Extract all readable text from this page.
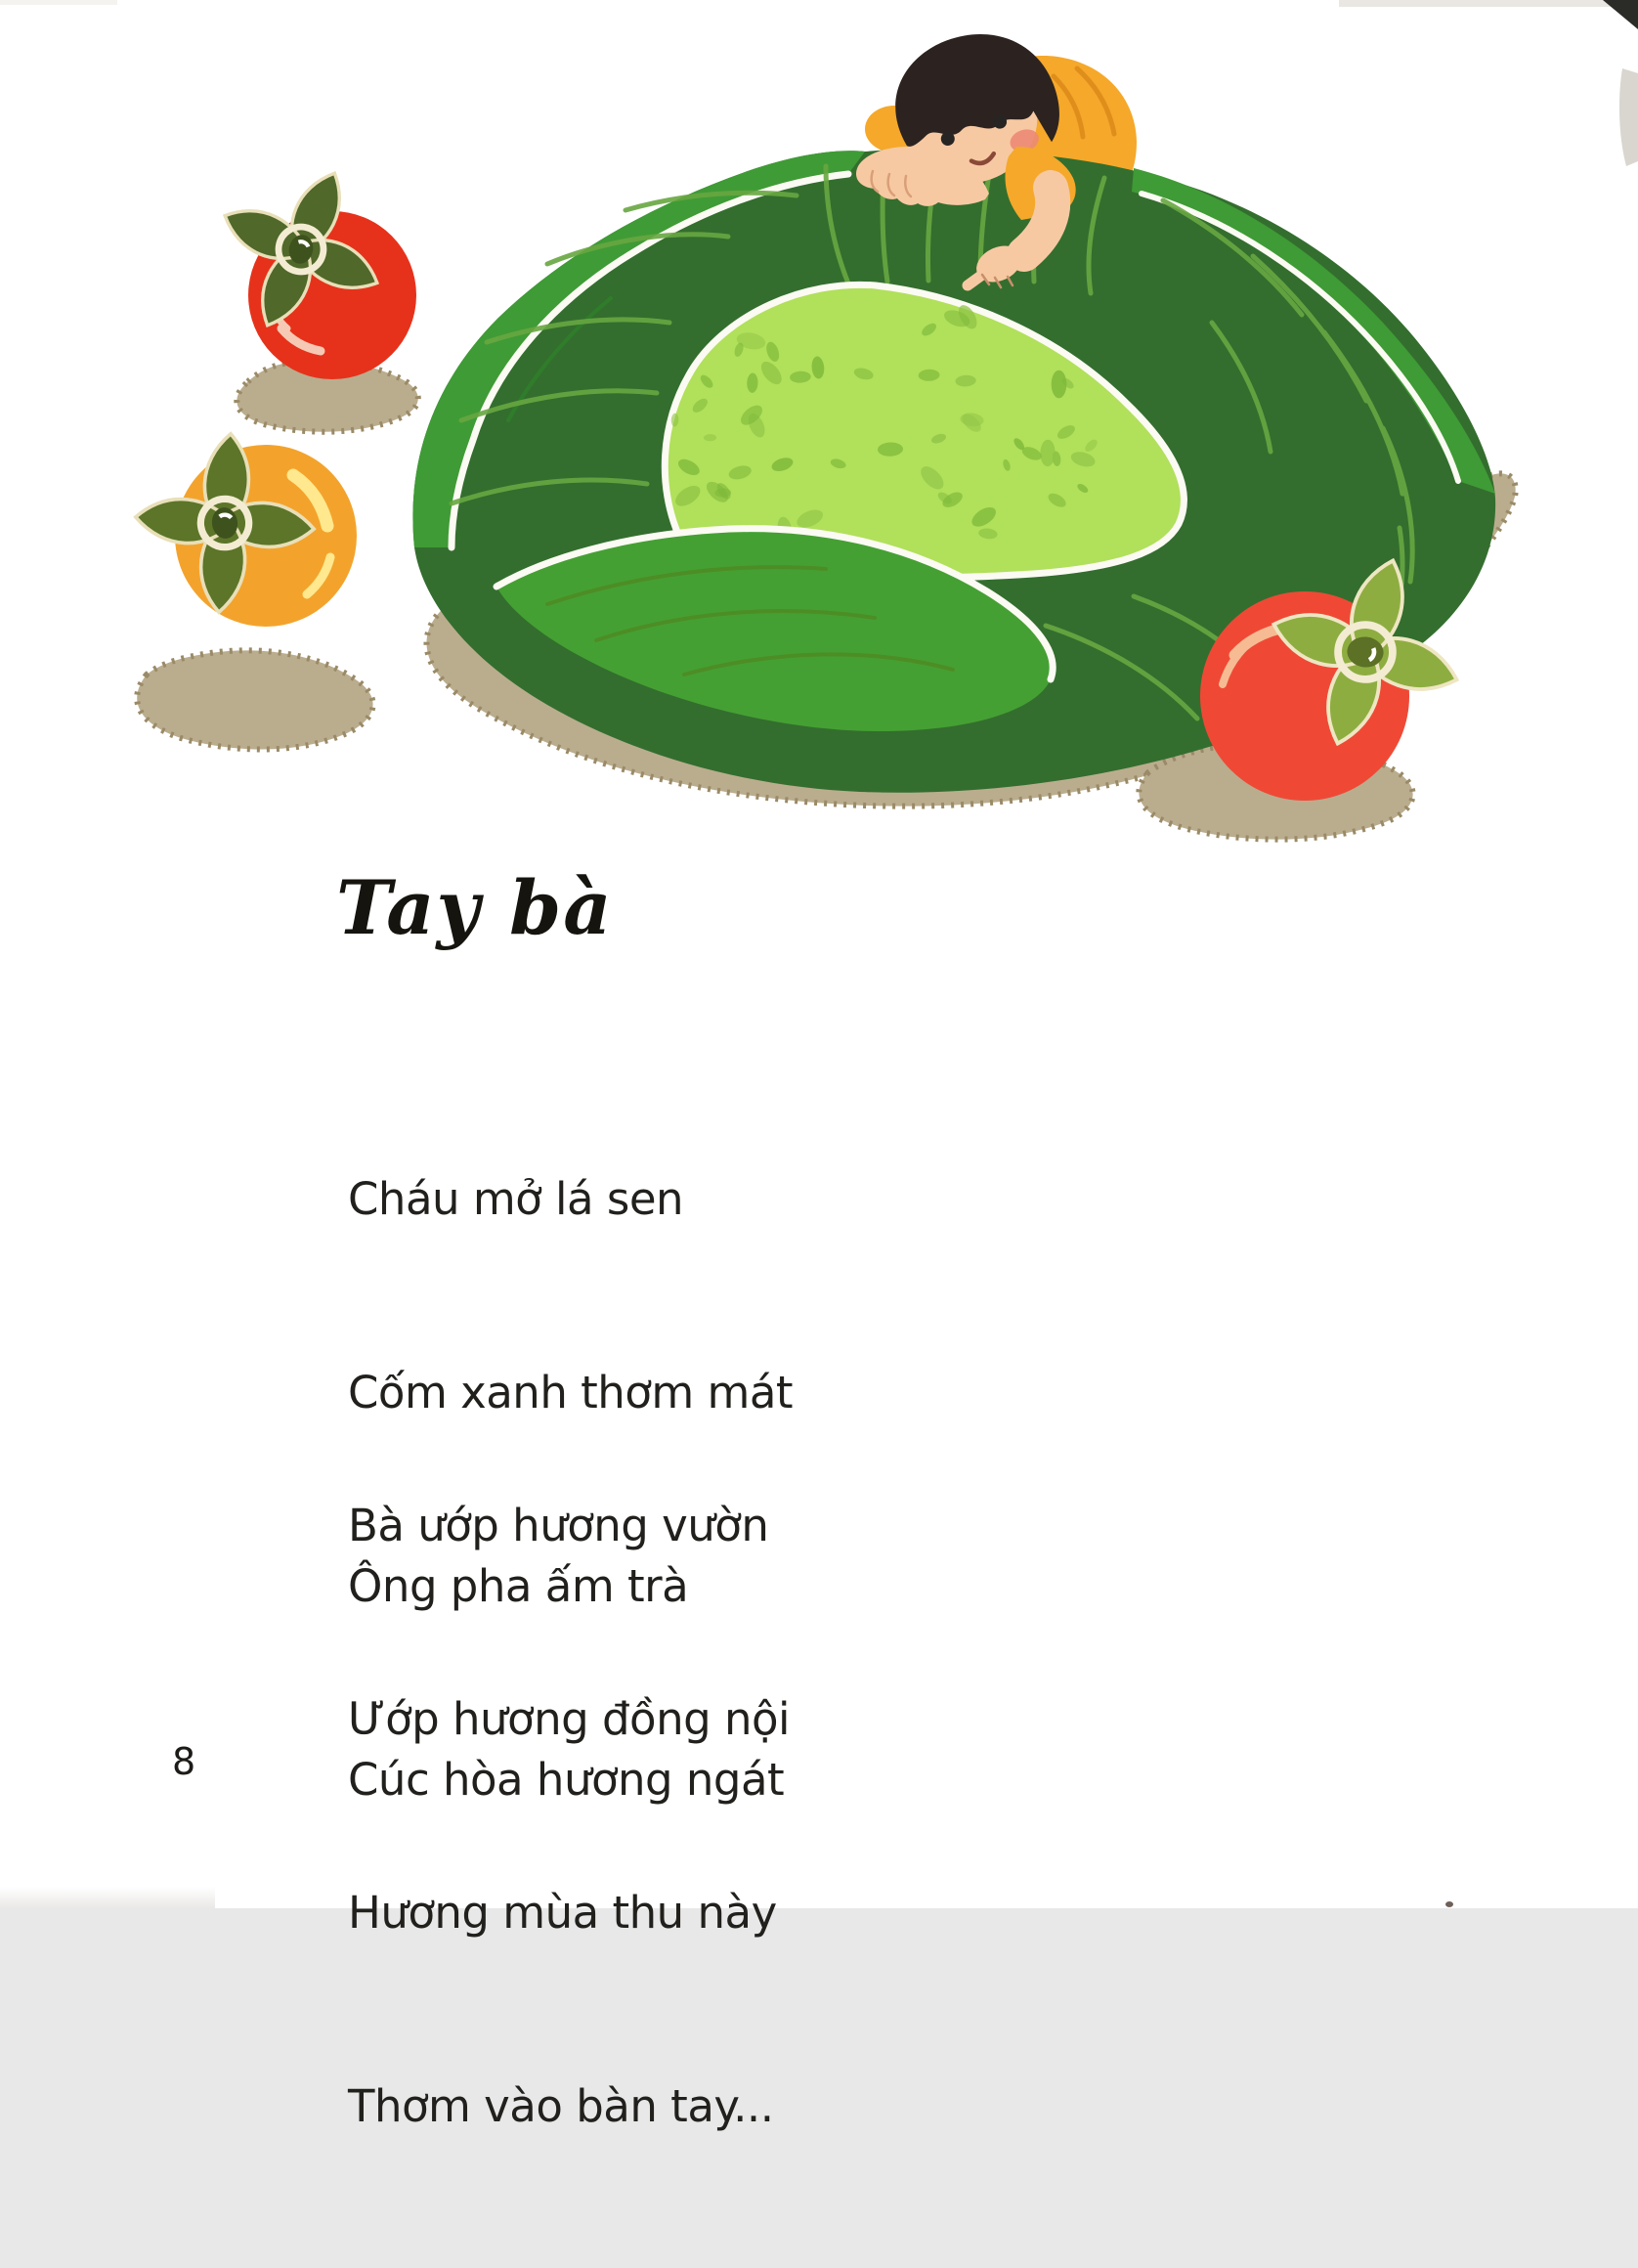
Tay bà

Cháu mở lá sen

Cốm xanh thơm mát

Ông pha ấm trà

Cúc hòa hương ngát

Bà ướp hương vườn

Ướp hương đồng nội

Hương mùa thu này

Thơm vào bàn tay...

8
